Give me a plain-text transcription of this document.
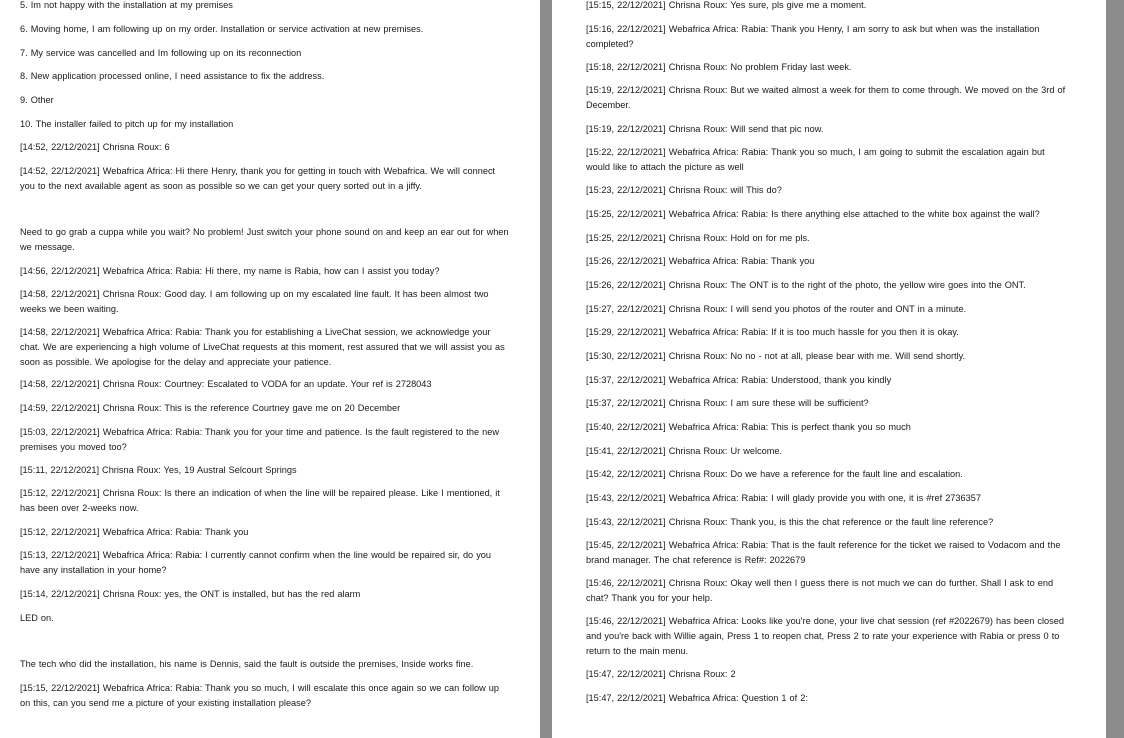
5. Im not happy with the installation at my premises

6. Moving home, I am following up on my order. Installation or service activation at new premises.

7. My service was cancelled and Im following up on its reconnection

8. New application processed online, I need assistance to fix the address.

9. Other

10. The installer failed to pitch up for my installation

[14:52, 22/12/2021] Chrisna Roux: 6

[14:52, 22/12/2021] Webafrica Africa: Hi there Henry, thank you for getting in touch with Webafrica. We will connect you to the next available agent as soon as possible so we can get your query sorted out in a jiffy.

Need to go grab a cuppa while you wait? No problem! Just switch your phone sound on and keep an ear out for when we message.

[14:56, 22/12/2021] Webafrica Africa: Rabia: Hi there, my name is Rabia, how can I assist you today?

[14:58, 22/12/2021] Chrisna Roux: Good day. I am following up on my escalated line fault. It has been almost two weeks we been waiting.

[14:58, 22/12/2021] Webafrica Africa: Rabia: Thank you for establishing a LiveChat session, we acknowledge your chat. We are experiencing a high volume of LiveChat requests at this moment, rest assured that we will assist you as soon as possible. We apologise for the delay and appreciate your patience.

[14:58, 22/12/2021] Chrisna Roux: Courtney: Escalated to VODA for an update. Your ref is 2728043

[14:59, 22/12/2021] Chrisna Roux: This is the reference Courtney gave me on 20 December

[15:03, 22/12/2021] Webafrica Africa: Rabia: Thank you for your time and patience. Is the fault registered to the new premises you moved too?

[15:11, 22/12/2021] Chrisna Roux: Yes, 19 Austral Selcourt Springs

[15:12, 22/12/2021] Chrisna Roux: Is there an indication of when the line will be repaired please. Like I mentioned, it has been over 2-weeks now.

[15:12, 22/12/2021] Webafrica Africa: Rabia: Thank you

[15:13, 22/12/2021] Webafrica Africa: Rabia: I currently cannot confirm when the line would be repaired sir, do you have any installation in your home?

[15:14, 22/12/2021] Chrisna Roux: yes, the ONT is installed, but has the red alarm

LED on.

The tech who did the installation, his name is Dennis, said the fault is outside the premises, Inside works fine.

[15:15, 22/12/2021] Webafrica Africa: Rabia: Thank you so much, I will escalate this once again so we can follow up on this, can you send me a picture of your existing installation please?

[15:15, 22/12/2021] Chrisna Roux: Yes sure, pls give me a moment.

[15:16, 22/12/2021] Webafrica Africa: Rabia: Thank you Henry, I am sorry to ask but when was the installation completed?

[15:18, 22/12/2021] Chrisna Roux: No problem Friday last week.

[15:19, 22/12/2021] Chrisna Roux: But we waited almost a week for them to come through. We moved on the 3rd of December.

[15:19, 22/12/2021] Chrisna Roux: Will send that pic now.

[15:22, 22/12/2021] Webafrica Africa: Rabia: Thank you so much, I am going to submit the escalation again but would like to attach the picture as well

[15:23, 22/12/2021] Chrisna Roux: will This do?

[15:25, 22/12/2021] Webafrica Africa: Rabia: Is there anything else attached to the white box against the wall?

[15:25, 22/12/2021] Chrisna Roux: Hold on for me pls.

[15:26, 22/12/2021] Webafrica Africa: Rabia: Thank you

[15:26, 22/12/2021] Chrisna Roux: The ONT is to the right of the photo, the yellow wire goes into the ONT.

[15:27, 22/12/2021] Chrisna Roux: I will send you photos of the router and ONT in a minute.

[15:29, 22/12/2021] Webafrica Africa: Rabia: If it is too much hassle for you then it is okay.

[15:30, 22/12/2021] Chrisna Roux: No no - not at all, please bear with me. Will send shortly.

[15:37, 22/12/2021] Webafrica Africa: Rabia: Understood, thank you kindly

[15:37, 22/12/2021] Chrisna Roux: I am sure these will be sufficient?

[15:40, 22/12/2021] Webafrica Africa: Rabia: This is perfect thank you so much

[15:41, 22/12/2021] Chrisna Roux: Ur welcome.

[15:42, 22/12/2021] Chrisna Roux: Do we have a reference for the fault line and escalation.

[15:43, 22/12/2021] Webafrica Africa: Rabia: I will glady provide you with one, it is #ref 2736357

[15:43, 22/12/2021] Chrisna Roux: Thank you, is this the chat reference or the fault line reference?

[15:45, 22/12/2021] Webafrica Africa: Rabia: That is the fault reference for the ticket we raised to Vodacom and the brand manager. The chat reference is Ref#: 2022679

[15:46, 22/12/2021] Chrisna Roux: Okay well then I guess there is not much we can do further. Shall I ask to end chat? Thank you for your help.

[15:46, 22/12/2021] Webafrica Africa: Looks like you're done, your live chat session (ref #2022679) has been closed and you're back with Willie again, Press 1 to reopen chat, Press 2 to rate your experience with Rabia or press 0 to return to the main menu.

[15:47, 22/12/2021] Chrisna Roux: 2

[15:47, 22/12/2021] Webafrica Africa: Question 1 of 2:
